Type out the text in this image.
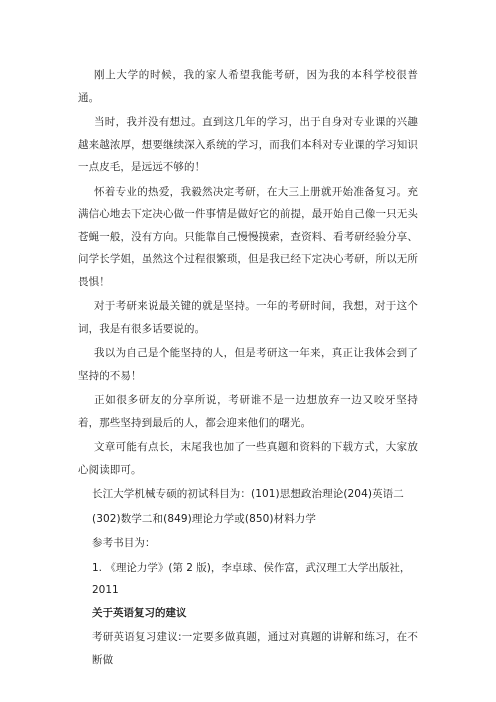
刚上大学的时候，我的家人希望我能考研，因为我的本科学校很普通。

当时，我并没有想过。直到这几年的学习，出于自身对专业课的兴趣越来越浓厚，想要继续深入系统的学习，而我们本科对专业课的学习知识一点皮毛，是远远不够的！

怀着专业的热爱，我毅然决定考研，在大三上册就开始准备复习。充满信心地去下定决心做一件事情是做好它的前提，最开始自己像一只无头苍蝇一般，没有方向。只能靠自己慢慢摸索，查资料、看考研经验分享、问学长学姐，虽然这个过程很繁琐，但是我已经下定决心考研，所以无所畏惧！

对于考研来说最关键的就是坚持。一年的考研时间，我想，对于这个词，我是有很多话要说的。

我以为自己是个能坚持的人，但是考研这一年来，真正让我体会到了坚持的不易！

正如很多研友的分享所说，考研谁不是一边想放弃一边又咬牙坚持着，那些坚持到最后的人，都会迎来他们的曙光。

文章可能有点长，末尾我也加了一些真题和资料的下载方式，大家放心阅读即可。

长江大学机械专硕的初试科目为：(101)思想政治理论(204)英语二

(302)数学二和(849)理论力学或(850)材料力学

参考书目为：

1. 《理论力学》(第 2 版)，李卓球、侯作富，武汉理工大学出版社，2011

关于英语复习的建议

考研英语复习建议:一定要多做真题，通过对真题的讲解和练习，在不断做
